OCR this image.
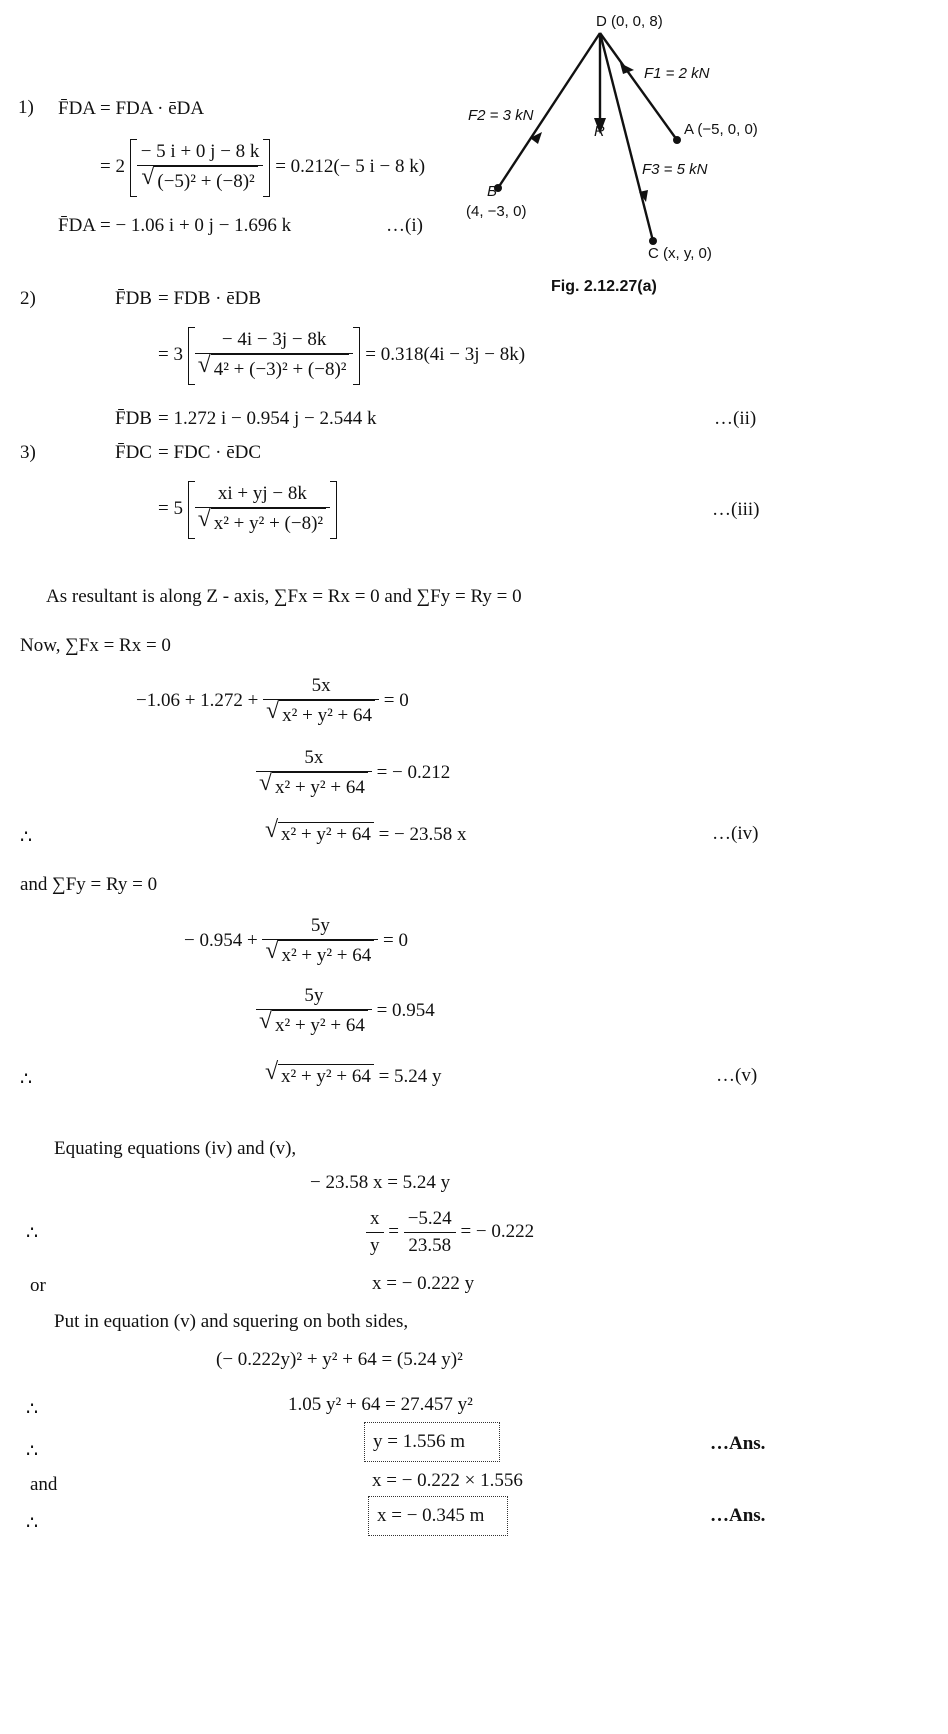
D (0, 0, 8)
F1 = 2 kN
F2 = 3 kN
R	A (−5, 0, 0)
F3 = 5 kN
B
(4, −3, 0)
C (x, y, 0)
Fig. 2.12.27(a)
1) F̄DA = FDA · ēDA
= 2 − 5 i + 0 j − 8 k
√ (−5)² + (−8)² = 0.212(− 5 i − 8 k)
F̄DA = − 1.06 i + 0 j − 1.696 k	…(i)
2)	F̄DB = FDB · ēDB
= 3 − 4i − 3j − 8k
√ 4² + (−3)² + (−8)² = 0.318(4i − 3j − 8k)
F̄DB = 1.272 i − 0.954 j − 2.544 k	…(ii)
3)	F̄DC = FDC · ēDC
= 5 xi + yj − 8k
√ x² + y² + (−8)²	…(iii)
As resultant is along Z - axis, ∑Fx = Rx = 0 and ∑Fy = Ry = 0
Now, ∑Fx = Rx = 0
−1.06 + 1.272 + 5x
√ x² + y² + 64 = 0
5x
√ x² + y² + 64 = − 0.212
∴	√ x² + y² + 64 = − 23.58 x	…(iv)
and ∑Fy = Ry = 0
− 0.954 + 5y
√ x² + y² + 64 = 0
5y
√ x² + y² + 64 = 0.954
∴	√ x² + y² + 64 = 5.24 y	…(v)
Equating equations (iv) and (v),
− 23.58 x = 5.24 y
∴	$\frac{x}{y} = \frac{-5.24}{23.58}$ = − 0.222
or	x = − 0.222 y
Put in equation (v) and squering on both sides,
(− 0.222y)² + y² + 64 = (5.24 y)²
∴	1.05 y² + 64 = 27.457 y²
∴	y = 1.556 m	…Ans.
and	x = − 0.222 × 1.556
∴	x = − 0.345 m	…Ans.
